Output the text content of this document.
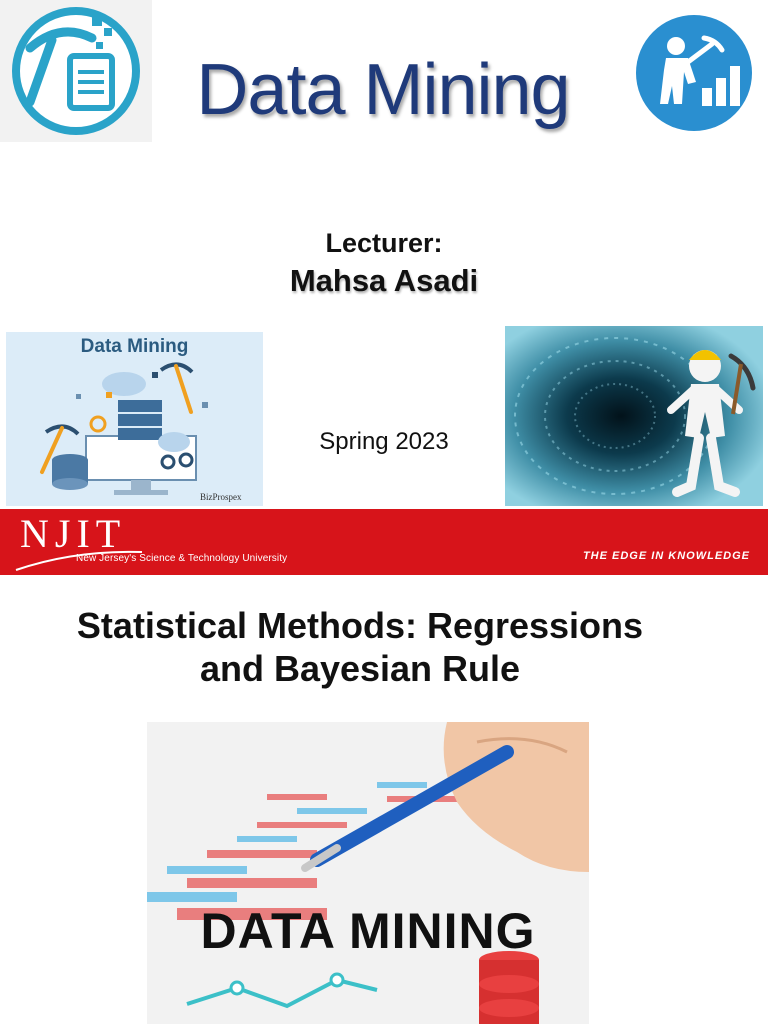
Data Mining
Lecturer:
Mahsa Asadi
Data Mining
BizProspex
Spring 2023
NJIT
New Jersey's Science & Technology University	THE EDGE IN KNOWLEDGE
Statistical Methods: Regressions
and Bayesian Rule
DATA MINING
